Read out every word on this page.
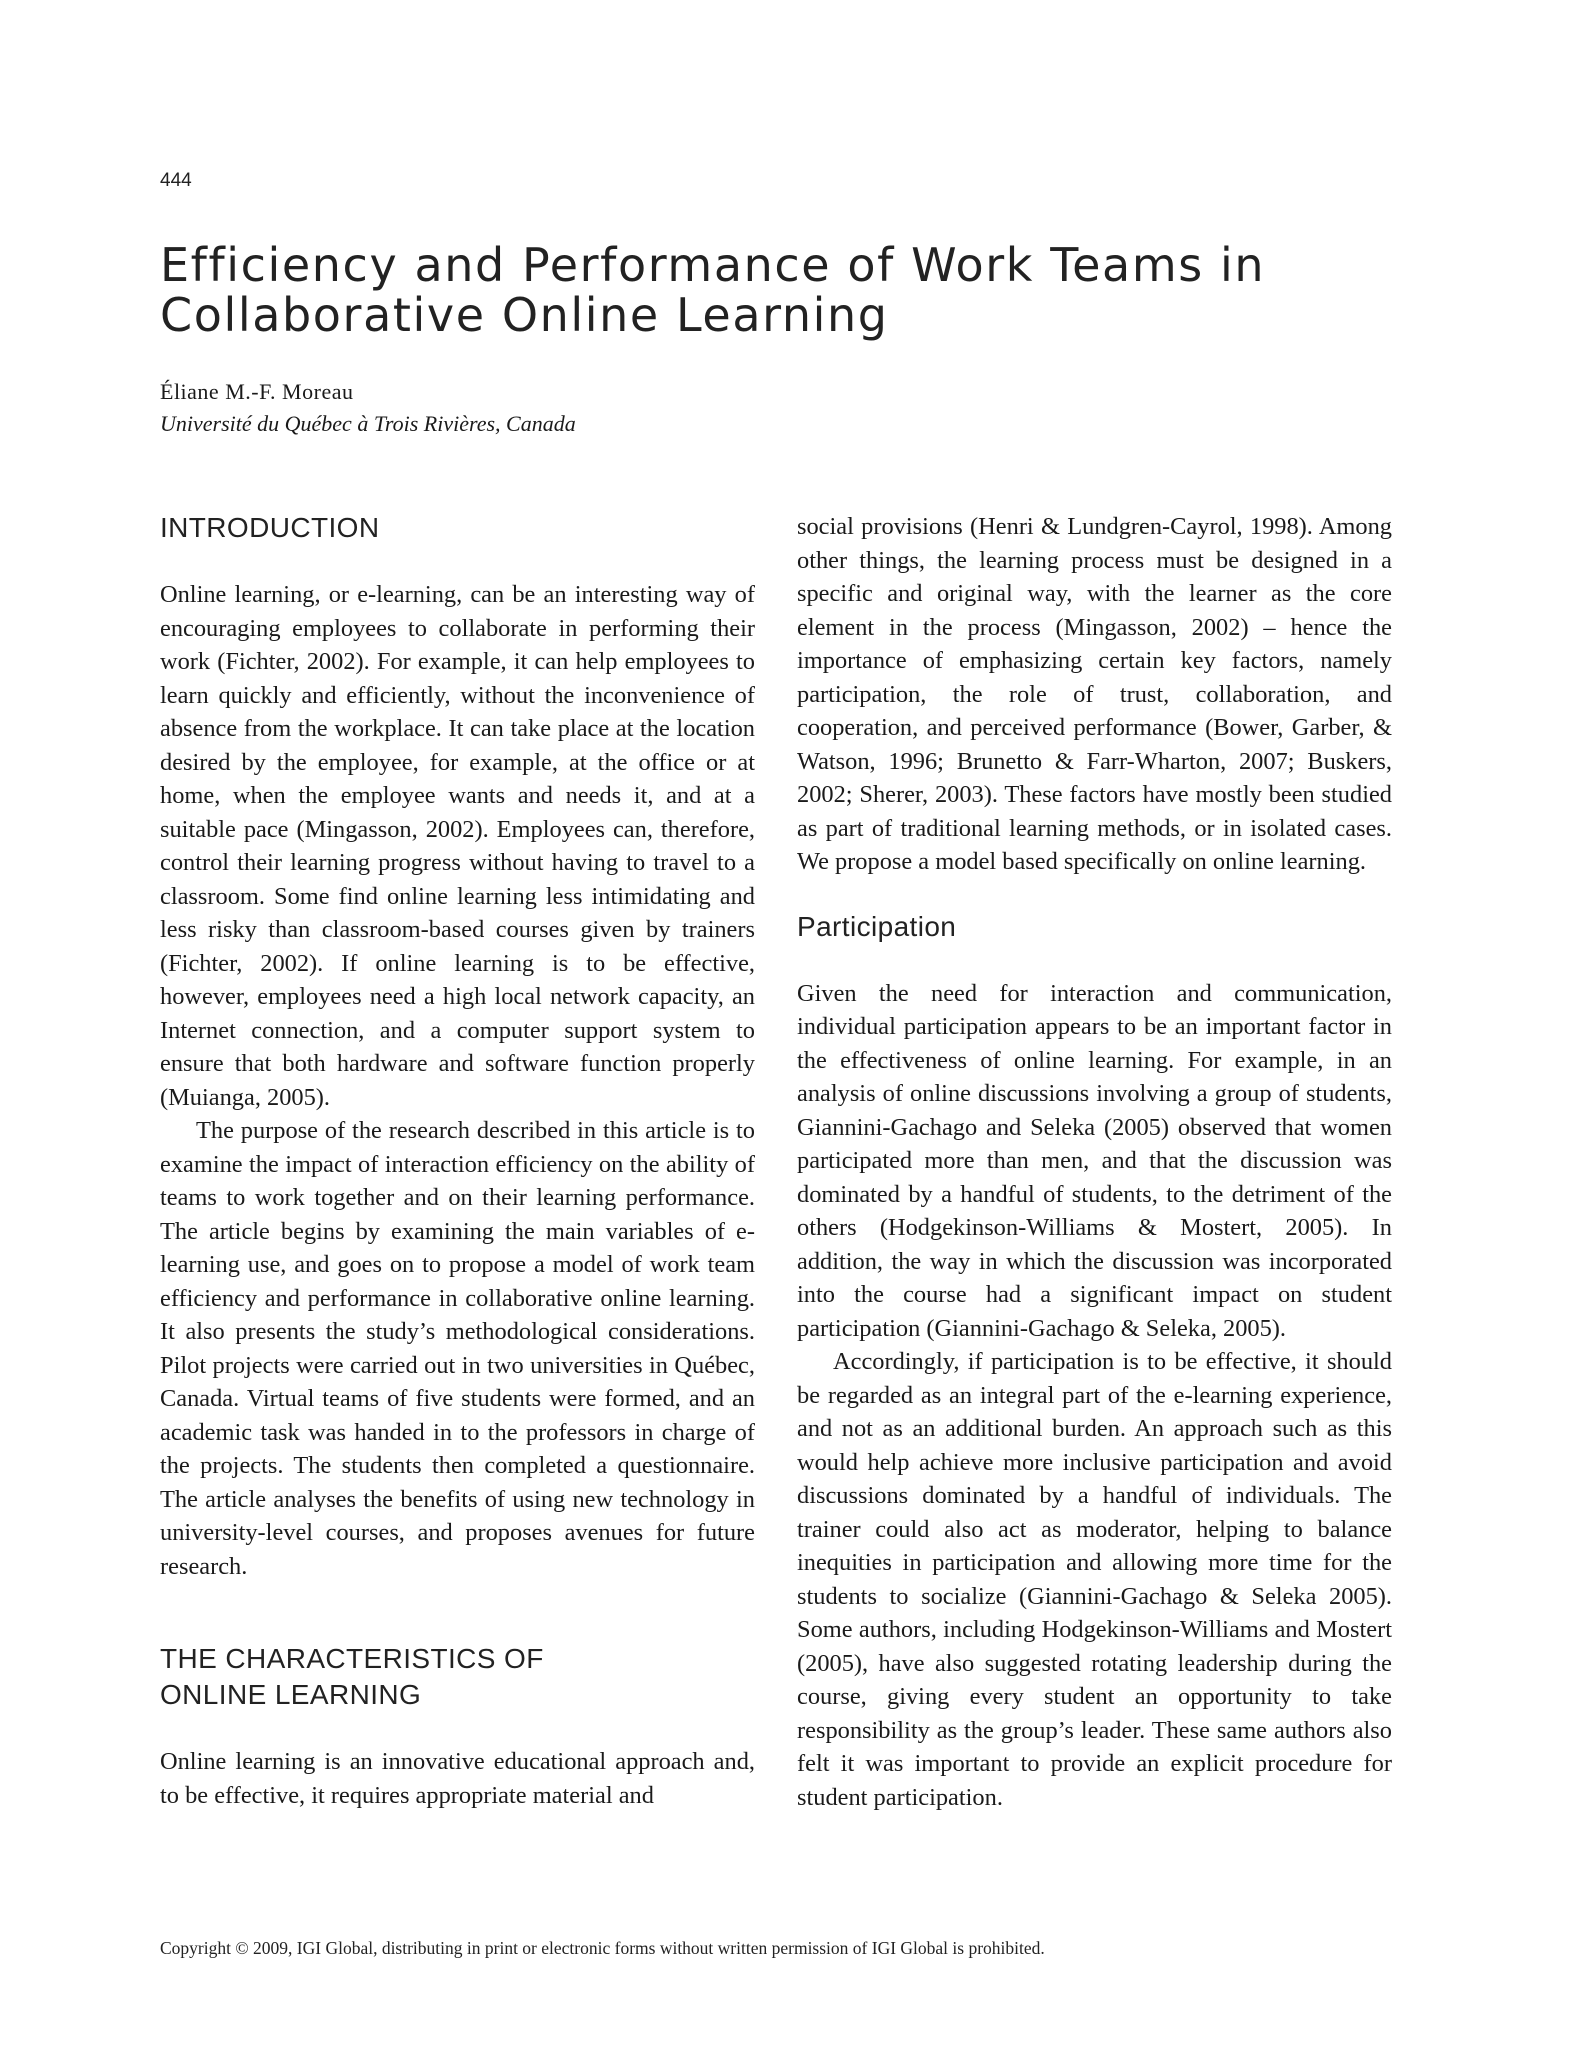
444
Efficiency and Performance of Work Teams in Collaborative Online Learning
Éliane M.-F. Moreau
Université du Québec à Trois Rivières, Canada
INTRODUCTION

Online learning, or e-learning, can be an interesting way of encouraging employees to collaborate in performing their work (Fichter, 2002). For example, it can help employees to learn quickly and efficiently, without the inconvenience of absence from the workplace. It can take place at the location desired by the employee, for example, at the office or at home, when the employee wants and needs it, and at a suitable pace (Mingasson, 2002). Employees can, therefore, control their learning progress without having to travel to a classroom. Some find online learning less intimidating and less risky than classroom-based courses given by trainers (Fichter, 2002). If online learning is to be effective, however, employees need a high local network capacity, an Internet connection, and a computer support system to ensure that both hardware and software function properly (Muianga, 2005).

The purpose of the research described in this article is to examine the impact of interaction efficiency on the ability of teams to work together and on their learning performance. The article begins by examining the main variables of e-learning use, and goes on to propose a model of work team efficiency and performance in collaborative online learning. It also presents the study’s methodological considerations. Pilot projects were carried out in two universities in Québec, Canada. Virtual teams of five students were formed, and an academic task was handed in to the professors in charge of the projects. The students then completed a questionnaire. The article analyses the benefits of using new technology in university-level courses, and proposes avenues for future research.

THE CHARACTERISTICS OF
ONLINE LEARNING

Online learning is an innovative educational approach and, to be effective, it requires appropriate material and

social provisions (Henri & Lundgren-Cayrol, 1998). Among other things, the learning process must be designed in a specific and original way, with the learner as the core element in the process (Mingasson, 2002) – hence the importance of emphasizing certain key factors, namely participation, the role of trust, collaboration, and cooperation, and perceived performance (Bower, Garber, & Watson, 1996; Brunetto & Farr-Wharton, 2007; Buskers, 2002; Sherer, 2003). These factors have mostly been studied as part of traditional learning methods, or in isolated cases. We propose a model based specifically on online learning.

Participation

Given the need for interaction and communication, individual participation appears to be an important factor in the effectiveness of online learning. For example, in an analysis of online discussions involving a group of students, Giannini-Gachago and Seleka (2005) observed that women participated more than men, and that the discussion was dominated by a handful of students, to the detriment of the others (Hodgekinson-Williams & Mostert, 2005). In addition, the way in which the discussion was incorporated into the course had a significant impact on student participation (Giannini-Gachago & Seleka, 2005).

Accordingly, if participation is to be effective, it should be regarded as an integral part of the e-learning experience, and not as an additional burden. An approach such as this would help achieve more inclusive participation and avoid discussions dominated by a handful of individuals. The trainer could also act as moderator, helping to balance inequities in participation and allowing more time for the students to socialize (Giannini-Gachago & Seleka 2005). Some authors, including Hodgekinson-Williams and Mostert (2005), have also suggested rotating leadership during the course, giving every student an opportunity to take responsibility as the group’s leader. These same authors also felt it was important to provide an explicit procedure for student participation.

Copyright © 2009, IGI Global, distributing in print or electronic forms without written permission of IGI Global is prohibited.
